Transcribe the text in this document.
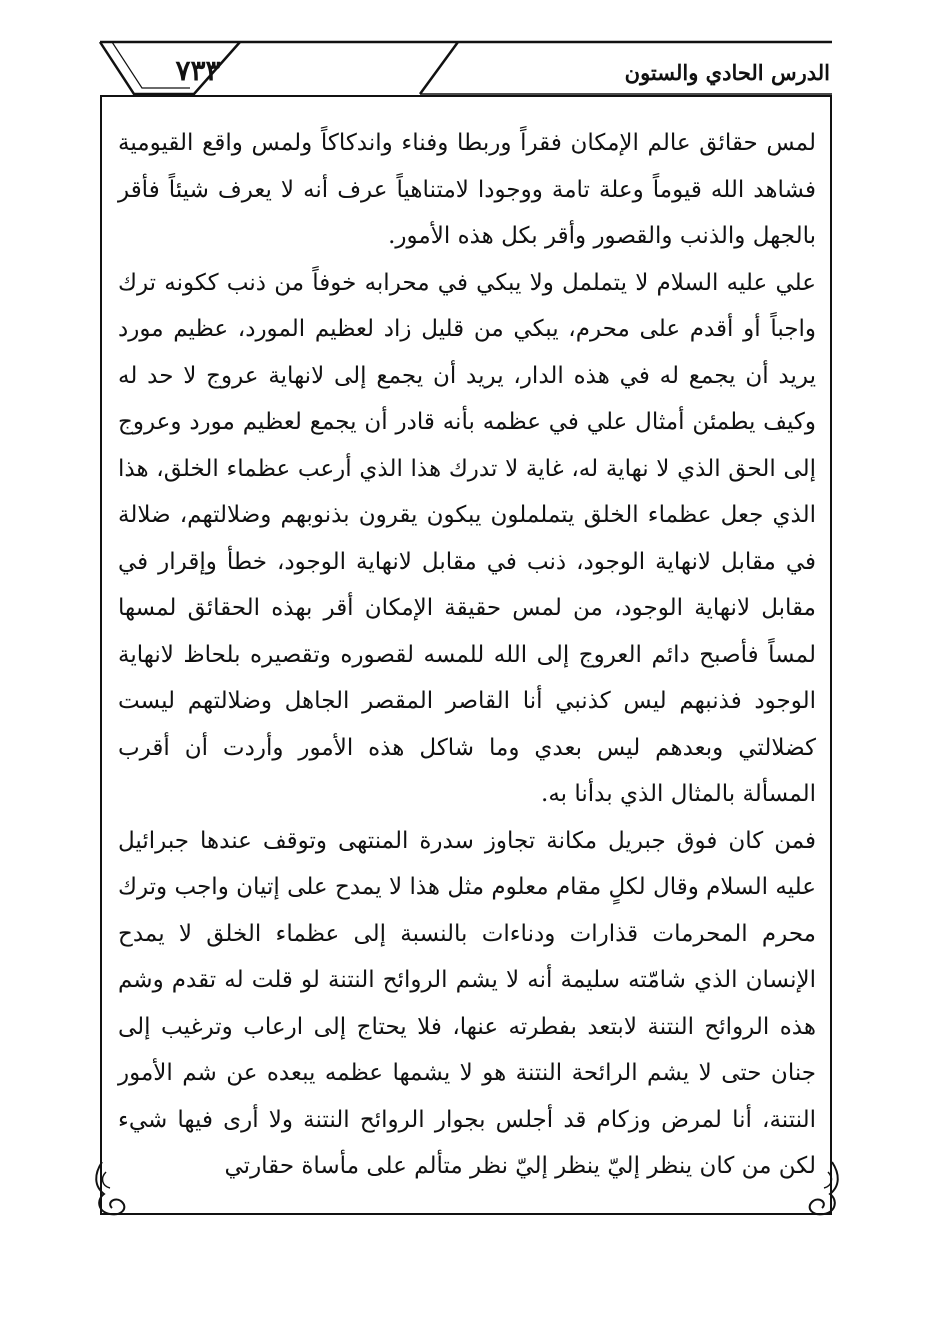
٧٣٣	الدرس الحادي والستون

لمس حقائق عالم الإمكان فقراً وربطا وفناء واندكاكاً ولمس واقع القيومية فشاهد الله قيوماً وعلة تامة ووجودا لامتناهياً عرف أنه لا يعرف شيئاً فأقر بالجهل والذنب والقصور وأقر بكل هذه الأمور.

علي عليه السلام لا يتململ ولا يبكي في محرابه خوفاً من ذنب ككونه ترك واجباً أو أقدم على محرم، يبكي من قليل زاد لعظيم المورد، عظيم مورد يريد أن يجمع له في هذه الدار، يريد أن يجمع إلى لانهاية عروج لا حد له وكيف يطمئن أمثال علي في عظمه بأنه قادر أن يجمع لعظيم مورد وعروج إلى الحق الذي لا نهاية له، غاية لا تدرك هذا الذي أرعب عظماء الخلق، هذا الذي جعل عظماء الخلق يتململون يبكون يقرون بذنوبهم وضلالتهم، ضلالة في مقابل لانهاية الوجود، ذنب في مقابل لانهاية الوجود، خطأ وإقرار في مقابل لانهاية الوجود، من لمس حقيقة الإمكان أقر بهذه الحقائق لمسها لمساً فأصبح دائم العروج إلى الله للمسه لقصوره وتقصيره بلحاظ لانهاية الوجود فذنبهم ليس كذنبي أنا القاصر المقصر الجاهل وضلالتهم ليست كضلالتي وبعدهم ليس بعدي وما شاكل هذه الأمور وأردت أن أقرب المسألة بالمثال الذي بدأنا به.

فمن كان فوق جبريل مكانة تجاوز سدرة المنتهى وتوقف عندها جبرائيل عليه السلام وقال لكلٍ مقام معلوم مثل هذا لا يمدح على إتيان واجب وترك محرم المحرمات قذارات ودناءات بالنسبة إلى عظماء الخلق لا يمدح الإنسان الذي شامّته سليمة أنه لا يشم الروائح النتنة لو قلت له تقدم وشم هذه الروائح النتنة لابتعد بفطرته عنها، فلا يحتاج إلى ارعاب وترغيب إلى جنان حتى لا يشم الرائحة النتنة هو لا يشمها عظمه يبعده عن شم الأمور النتنة، أنا لمرض وزكام قد أجلس بجوار الروائح النتنة ولا أرى فيها شيء لكن من كان ينظر إليّ ينظر إليّ نظر متألم على مأساة حقارتي
